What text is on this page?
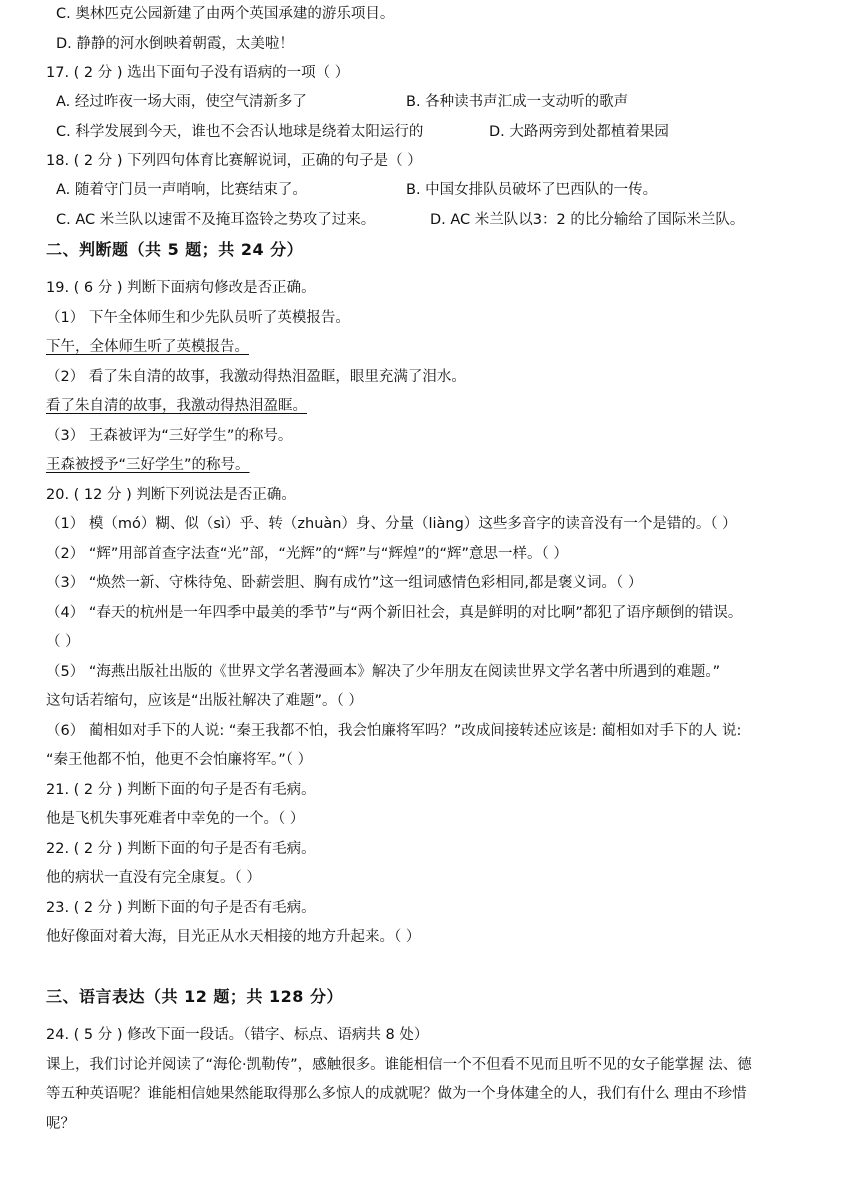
C. 奥林匹克公园新建了由两个英国承建的游乐项目。
D. 静静的河水倒映着朝霞，太美啦！
17. ( 2 分 ) 选出下面句子没有语病的一项（ ）
A. 经过昨夜一场大雨，使空气清新多了	B. 各种读书声汇成一支动听的歌声
C. 科学发展到今天，谁也不会否认地球是绕着太阳运行的	D. 大路两旁到处都植着果园
18. ( 2 分 ) 下列四句体育比赛解说词，正确的句子是（ ）
A. 随着守门员一声哨响，比赛结束了。	B. 中国女排队员破坏了巴西队的一传。
C. AC 米兰队以速雷不及掩耳盗铃之势攻了过来。	D. AC 米兰队以3：2 的比分输给了国际米兰队。
二、判断题（共 5 题；共 24 分）
19. ( 6 分 ) 判断下面病句修改是否正确。
（1） 下午全体师生和少先队员听了英模报告。
下午，全体师生听了英模报告。
（2） 看了朱自清的故事，我激动得热泪盈眶，眼里充满了泪水。
看了朱自清的故事，我激动得热泪盈眶。
（3） 王森被评为“三好学生”的称号。
王森被授予“三好学生”的称号。
20. ( 12 分 ) 判断下列说法是否正确。
（1） 模（mó）糊、似（sì）乎、转（zhuàn）身、分量（liàng）这些多音字的读音没有一个是错的。（ ）
（2） “辉”用部首查字法查“光”部，“光辉”的“辉”与“辉煌”的“辉”意思一样。（ ）
（3） “焕然一新、守株待兔、卧薪尝胆、胸有成竹”这一组词感情色彩相同,都是褒义词。（ ）
（4） “春天的杭州是一年四季中最美的季节”与“两个新旧社会，真是鲜明的对比啊”都犯了语序颠倒的错误。
（ ）
（5） “海燕出版社出版的《世界文学名著漫画本》解决了少年朋友在阅读世界文学名著中所遇到的难题。”
这句话若缩句，应该是“出版社解决了难题”。（ ）
（6） 蔺相如对手下的人说: “秦王我都不怕，我会怕廉将军吗？”改成间接转述应该是: 蔺相如对手下的人 说:
“秦王他都不怕，他更不会怕廉将军。”（ ）
21. ( 2 分 ) 判断下面的句子是否有毛病。
他是飞机失事死难者中幸免的一个。（ ）
22. ( 2 分 ) 判断下面的句子是否有毛病。
他的病状一直没有完全康复。（ ）
23. ( 2 分 ) 判断下面的句子是否有毛病。
他好像面对着大海，目光正从水天相接的地方升起来。（ ）
三、语言表达（共 12 题；共 128 分）
24. ( 5 分 ) 修改下面一段话。（错字、标点、语病共 8 处）
课上，我们讨论并阅读了“海伦·凯勒传”，感触很多。谁能相信一个不但看不见而且听不见的女子能掌握 法、德
等五种英语呢？谁能相信她果然能取得那么多惊人的成就呢？做为一个身体建全的人，我们有什么 理由不珍惜
呢？
